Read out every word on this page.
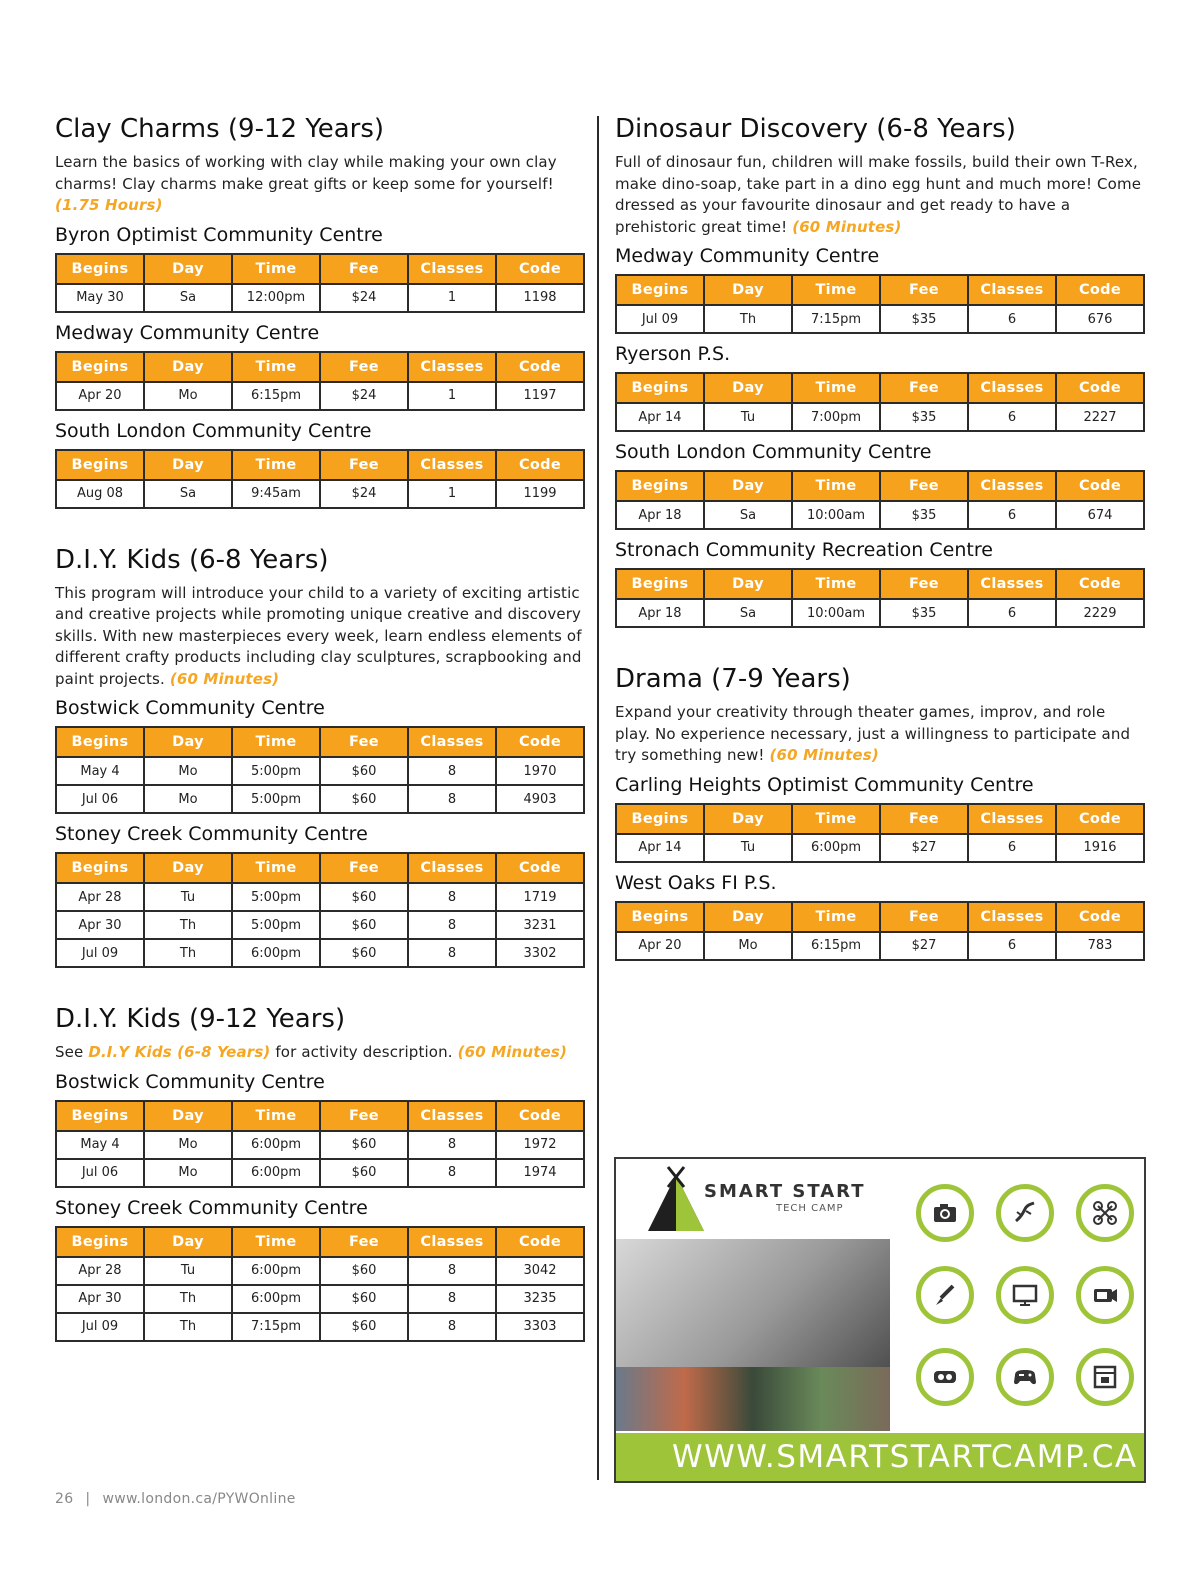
Clay Charms (9-12 Years)

Learn the basics of working with clay while making your own clay charms! Clay charms make great gifts or keep some for yourself! (1.75 Hours)

Byron Optimist Community Centre
Begins	Day	Time	Fee	Classes	Code
May 30	Sa	12:00pm	$24	1	1198
Medway Community Centre
Begins	Day	Time	Fee	Classes	Code
Apr 20	Mo	6:15pm	$24	1	1197
South London Community Centre
Begins	Day	Time	Fee	Classes	Code
Aug 08	Sa	9:45am	$24	1	1199
D.I.Y. Kids (6-8 Years)

This program will introduce your child to a variety of exciting artistic and creative projects while promoting unique creative and discovery skills. With new masterpieces every week, learn endless elements of different crafty products including clay sculptures, scrapbooking and paint projects. (60 Minutes)

Bostwick Community Centre
Begins	Day	Time	Fee	Classes	Code
May 4	Mo	5:00pm	$60	8	1970
Jul 06	Mo	5:00pm	$60	8	4903
Stoney Creek Community Centre
Begins	Day	Time	Fee	Classes	Code
Apr 28	Tu	5:00pm	$60	8	1719
Apr 30	Th	5:00pm	$60	8	3231
Jul 09	Th	6:00pm	$60	8	3302
D.I.Y. Kids (9-12 Years)

See D.I.Y Kids (6-8 Years) for activity description. (60 Minutes)

Bostwick Community Centre
Begins	Day	Time	Fee	Classes	Code
May 4	Mo	6:00pm	$60	8	1972
Jul 06	Mo	6:00pm	$60	8	1974
Stoney Creek Community Centre
Begins	Day	Time	Fee	Classes	Code
Apr 28	Tu	6:00pm	$60	8	3042
Apr 30	Th	6:00pm	$60	8	3235
Jul 09	Th	7:15pm	$60	8	3303
Dinosaur Discovery (6-8 Years)

Full of dinosaur fun, children will make fossils, build their own T-Rex, make dino-soap, take part in a dino egg hunt and much more! Come dressed as your favourite dinosaur and get ready to have a prehistoric great time! (60 Minutes)

Medway Community Centre
Begins	Day	Time	Fee	Classes	Code
Jul 09	Th	7:15pm	$35	6	676
Ryerson P.S.
Begins	Day	Time	Fee	Classes	Code
Apr 14	Tu	7:00pm	$35	6	2227
South London Community Centre
Begins	Day	Time	Fee	Classes	Code
Apr 18	Sa	10:00am	$35	6	674
Stronach Community Recreation Centre
Begins	Day	Time	Fee	Classes	Code
Apr 18	Sa	10:00am	$35	6	2229
Drama (7-9 Years)

Expand your creativity through theater games, improv, and role play. No experience necessary, just a willingness to participate and try something new! (60 Minutes)

Carling Heights Optimist Community Centre
Begins	Day	Time	Fee	Classes	Code
Apr 14	Tu	6:00pm	$27	6	1916
West Oaks FI P.S.
Begins	Day	Time	Fee	Classes	Code
Apr 20	Mo	6:15pm	$27	6	783
SMART START
TECH CAMP
WWW.SMARTSTARTCAMP.CA
26 | www.london.ca/PYWOnline
